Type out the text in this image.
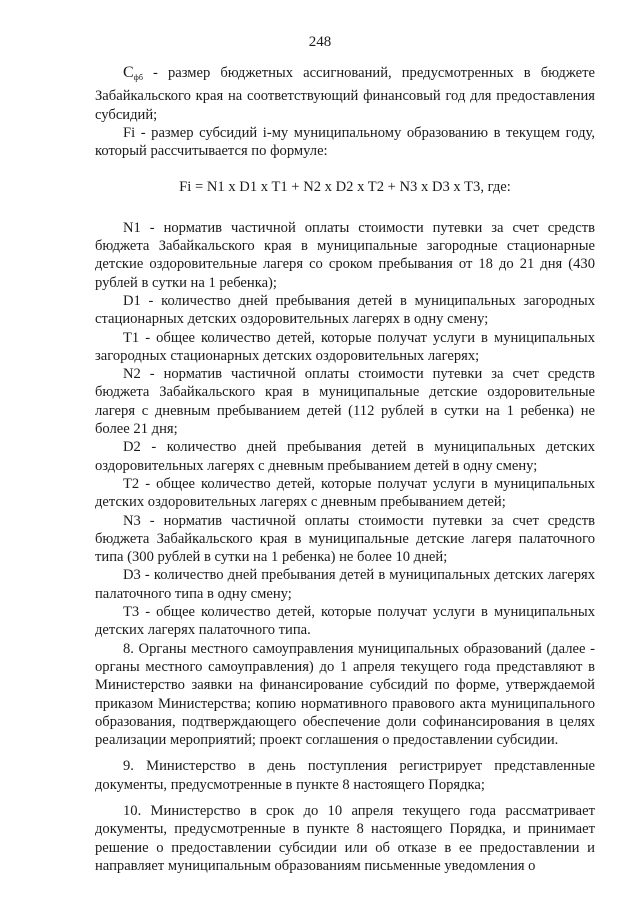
248

$С_{фб}$ - размер бюджетных ассигнований, предусмотренных в бюджете Забайкальского края на соответствующий финансовый год для предоставления субсидий;

Fi - размер субсидий i-му муниципальному образованию в текущем году, который рассчитывается по формуле:

Fi = N1 x D1 x T1 + N2 x D2 x T2 + N3 x D3 x T3, где:

N1 - норматив частичной оплаты стоимости путевки за счет средств бюджета Забайкальского края в муниципальные загородные стационарные детские оздоровительные лагеря со сроком пребывания от 18 до 21 дня (430 рублей в сутки на 1 ребенка);

D1 - количество дней пребывания детей в муниципальных загородных стационарных детских оздоровительных лагерях в одну смену;

T1 - общее количество детей, которые получат услуги в муниципальных загородных стационарных детских оздоровительных лагерях;

N2 - норматив частичной оплаты стоимости путевки за счет средств бюджета Забайкальского края в муниципальные детские оздоровительные лагеря с дневным пребыванием детей (112 рублей в сутки на 1 ребенка) не более 21 дня;

D2 - количество дней пребывания детей в муниципальных детских оздоровительных лагерях с дневным пребыванием детей в одну смену;

T2 - общее количество детей, которые получат услуги в муниципальных детских оздоровительных лагерях с дневным пребыванием детей;

N3 - норматив частичной оплаты стоимости путевки за счет средств бюджета Забайкальского края в муниципальные детские лагеря палаточного типа (300 рублей в сутки на 1 ребенка) не более 10 дней;

D3 - количество дней пребывания детей в муниципальных детских лагерях палаточного типа в одну смену;

T3 - общее количество детей, которые получат услуги в муниципальных детских лагерях палаточного типа.

8. Органы местного самоуправления муниципальных образований (далее - органы местного самоуправления) до 1 апреля текущего года представляют в Министерство заявки на финансирование субсидий по форме, утверждаемой приказом Министерства; копию нормативного правового акта муниципального образования, подтверждающего обеспечение доли софинансирования в целях реализации мероприятий; проект соглашения о предоставлении субсидии.

9. Министерство в день поступления регистрирует представленные документы, предусмотренные в пункте 8 настоящего Порядка;

10. Министерство в срок до 10 апреля текущего года рассматривает документы, предусмотренные в пункте 8 настоящего Порядка, и принимает решение о предоставлении субсидии или об отказе в ее предоставлении и направляет муниципальным образованиям письменные уведомления о
